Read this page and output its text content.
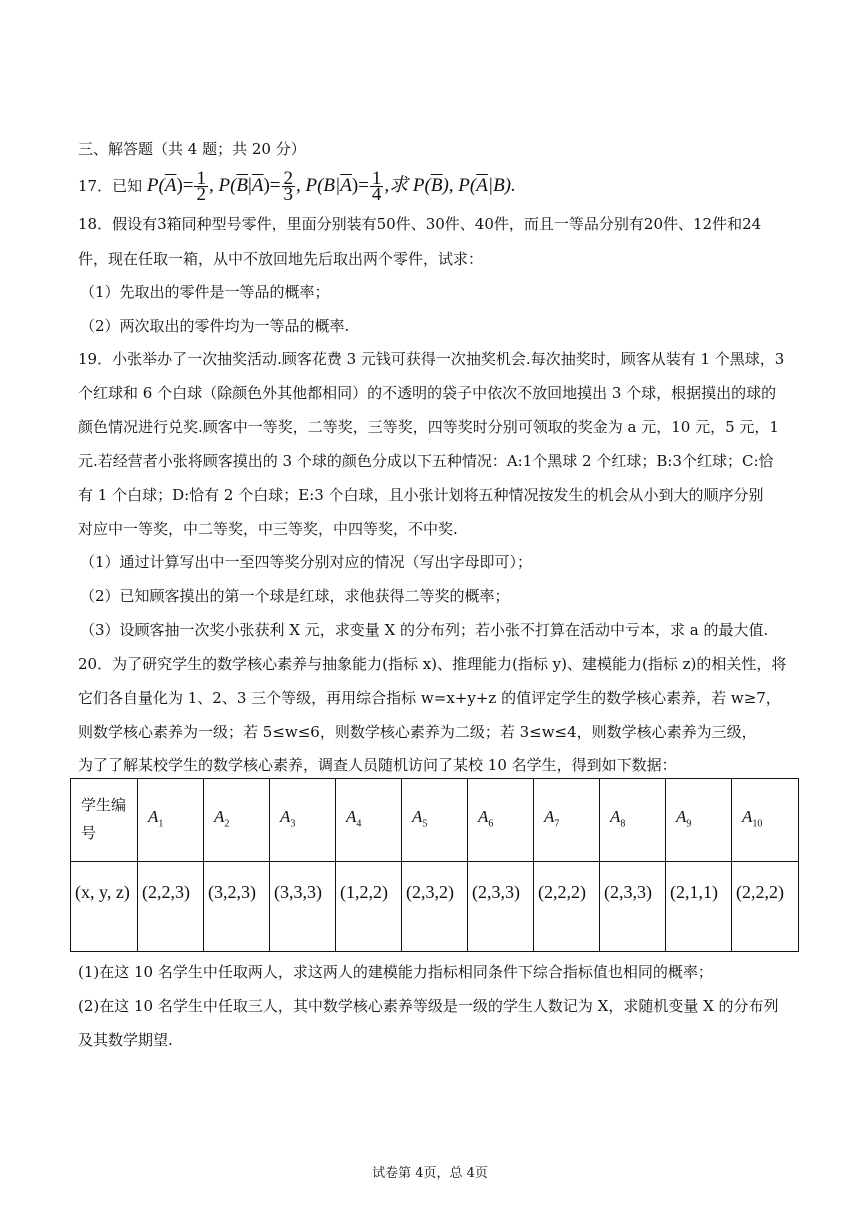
三、解答题（共 4 题；共 20 分）
17．已知 $P(\overline{A})= \frac{1}{2}$ , $P(\overline{B}|\overline{A})= \frac{2}{3}$ , $P(B|\overline{A})= \frac{1}{4}$ ,求 $P(\overline{B})$, $P(\overline{A}|B)$.
18．假设有3箱同种型号零件，里面分别装有50件、30件、40件，而且一等品分别有20件、12件和24
件，现在任取一箱，从中不放回地先后取出两个零件，试求：
（1）先取出的零件是一等品的概率；
（2）两次取出的零件均为一等品的概率.
19．小张举办了一次抽奖活动.顾客花费 3 元钱可获得一次抽奖机会.每次抽奖时，顾客从装有 1 个黑球，3
个红球和 6 个白球（除颜色外其他都相同）的不透明的袋子中依次不放回地摸出 3 个球，根据摸出的球的
颜色情况进行兑奖.顾客中一等奖，二等奖，三等奖，四等奖时分别可领取的奖金为 a 元，10 元，5 元，1
元.若经营者小张将顾客摸出的 3 个球的颜色分成以下五种情况：A:1个黑球 2 个红球；B:3个红球；C:恰
有 1 个白球；D:恰有 2 个白球；E:3 个白球，且小张计划将五种情况按发生的机会从小到大的顺序分别
对应中一等奖，中二等奖，中三等奖，中四等奖，不中奖.
（1）通过计算写出中一至四等奖分别对应的情况（写出字母即可）；
（2）已知顾客摸出的第一个球是红球，求他获得二等奖的概率；
（3）设顾客抽一次奖小张获利 X 元，求变量 X 的分布列；若小张不打算在活动中亏本，求 a 的最大值.
20．为了研究学生的数学核心素养与抽象能力(指标 x)、推理能力(指标 y)、建模能力(指标 z)的相关性，将
它们各自量化为 1、2、3 三个等级，再用综合指标 w=x+y+z 的值评定学生的数学核心素养，若 w≥7，
则数学核心素养为一级；若 5≤w≤6，则数学核心素养为二级；若 3≤w≤4，则数学核心素养为三级，
为了了解某校学生的数学核心素养，调查人员随机访问了某校 10 名学生，得到如下数据：
学生编
号	$A_1$	$A_2$	$A_3$	$A_4$	$A_5$	$A_6$	$A_7$	$A_8$	$A_9$	$A_{10}$

(x, y, z)	(2,2,3)	(3,2,3)	(3,3,3)	(1,2,2)	(2,3,2)	(2,3,3)	(2,2,2)	(2,3,3)	(2,1,1)	(2,2,2)
(1)在这 10 名学生中任取两人，求这两人的建模能力指标相同条件下综合指标值也相同的概率；
(2)在这 10 名学生中任取三人，其中数学核心素养等级是一级的学生人数记为 X，求随机变量 X 的分布列
及其数学期望.
试卷第 4页，总 4页
